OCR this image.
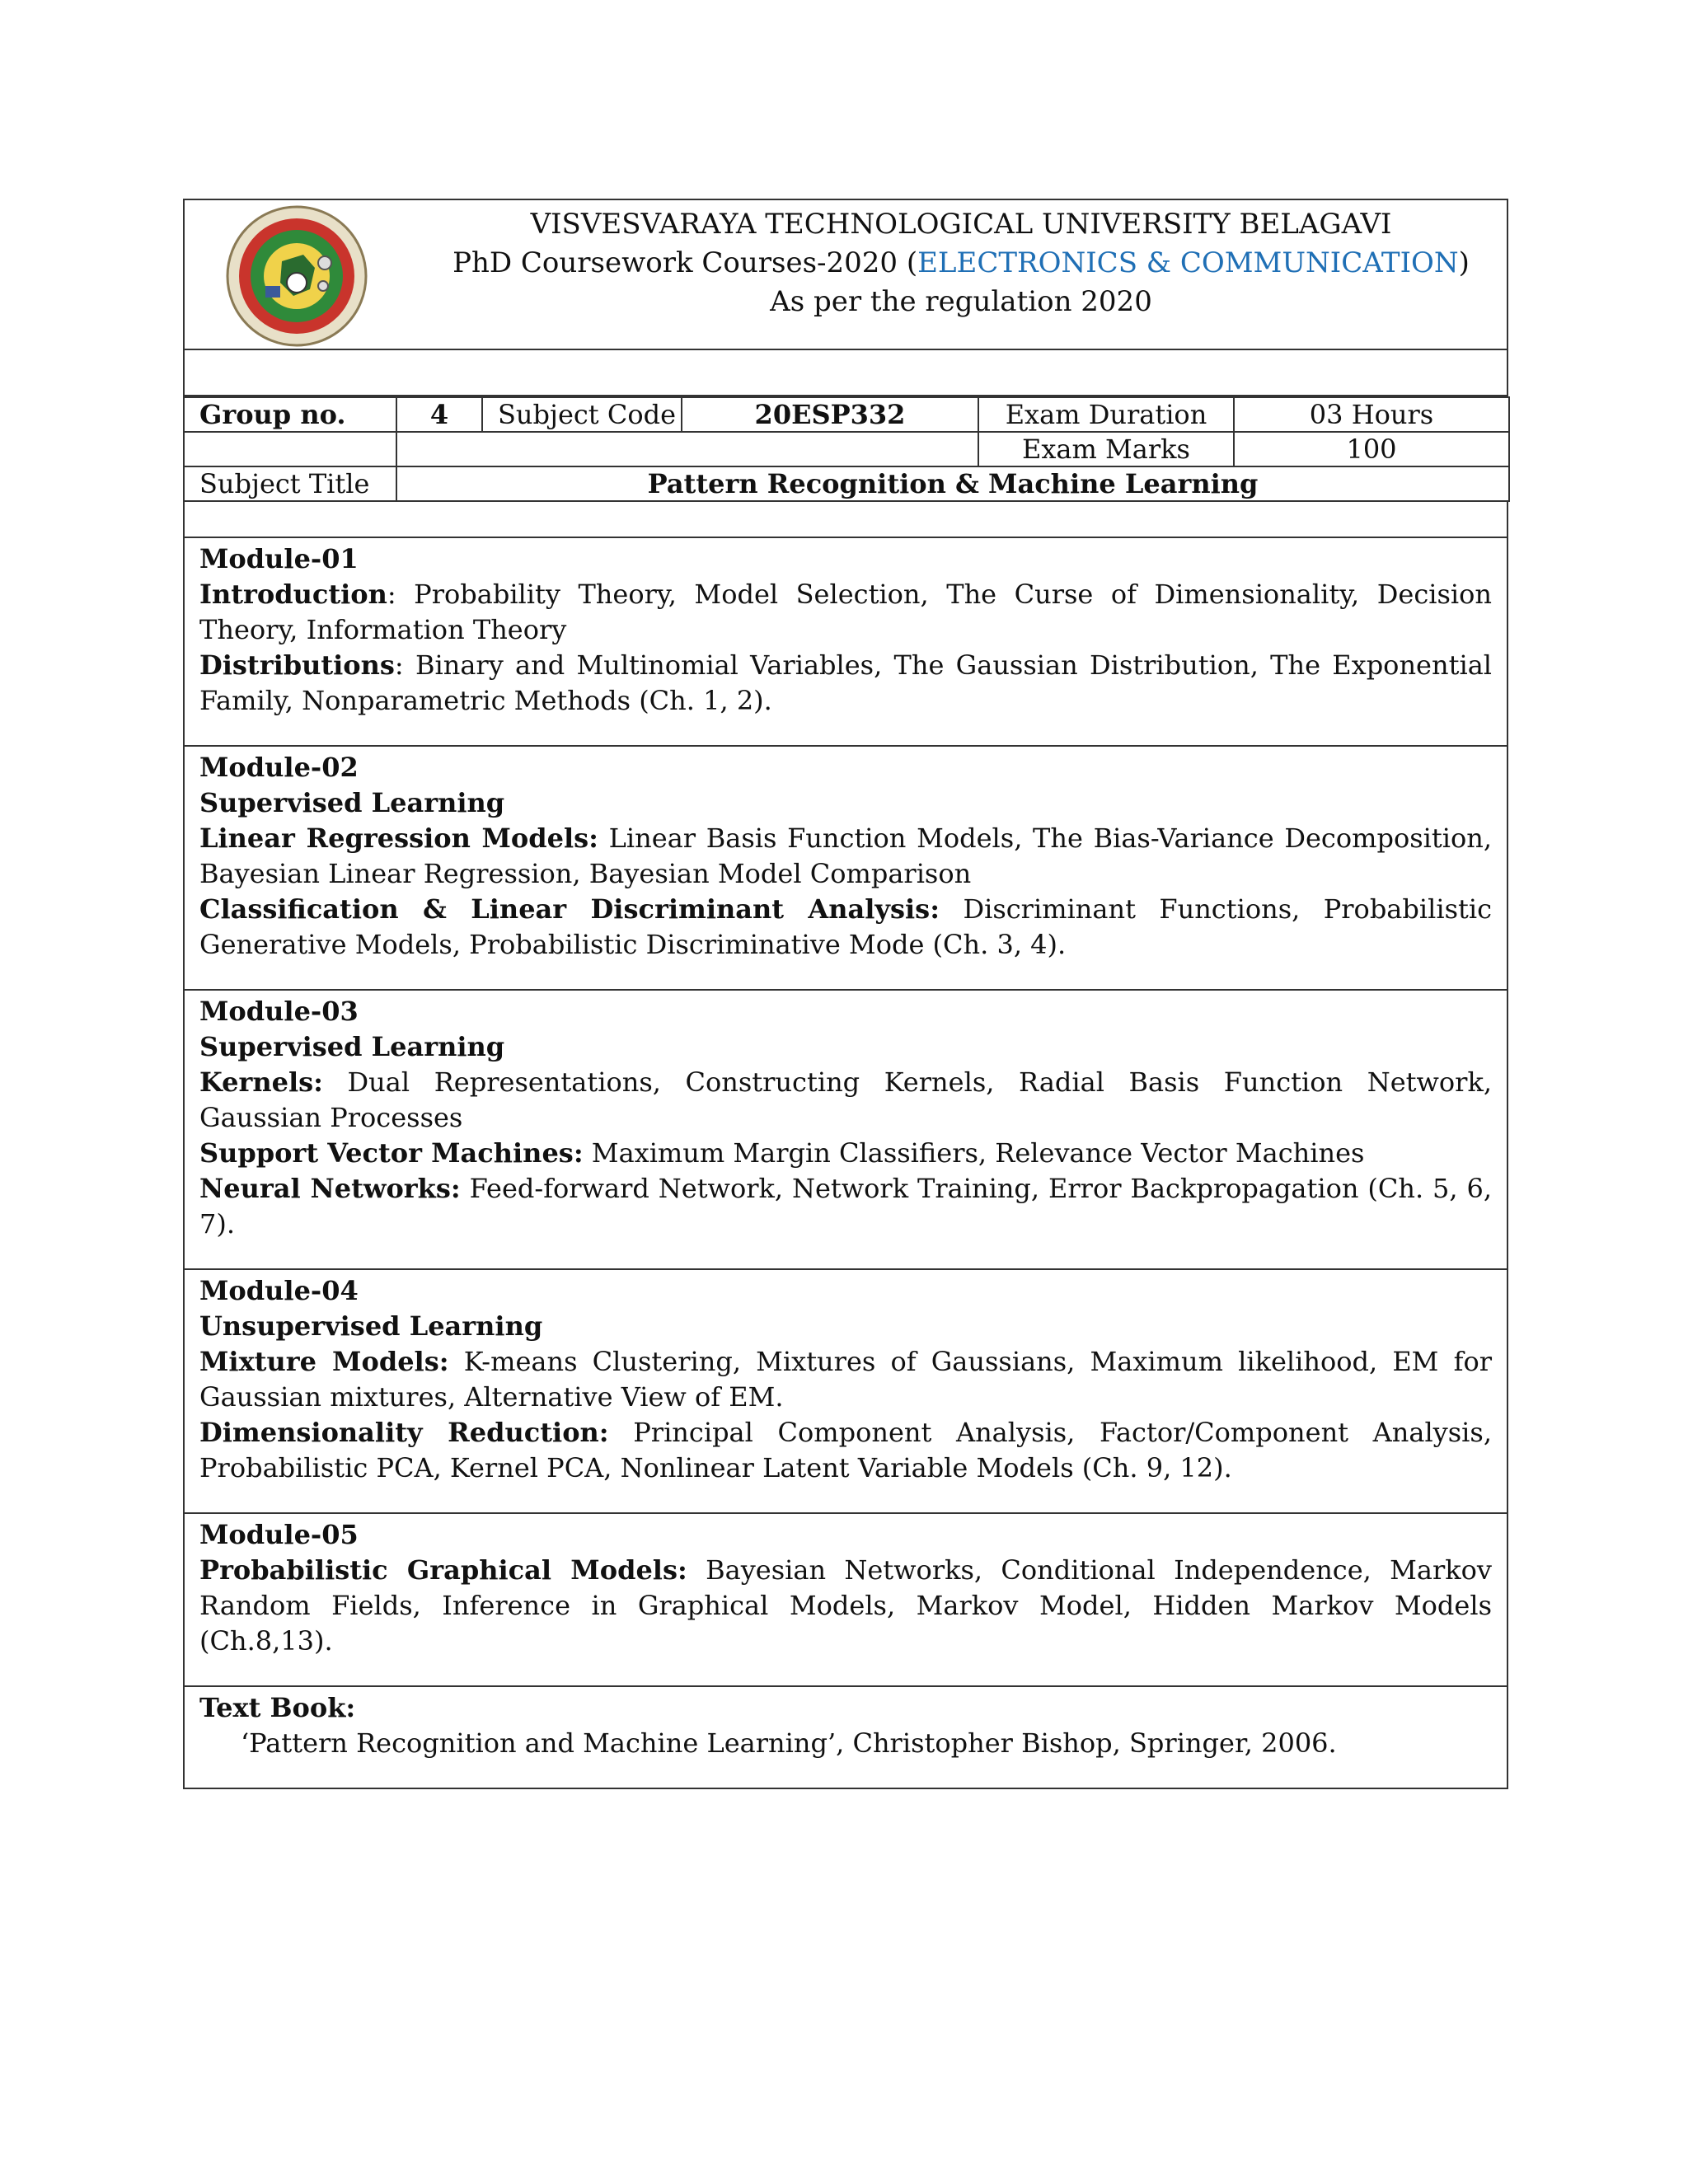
VISVESVARAYA TECHNOLOGICAL UNIVERSITY BELAGAVI
PhD Coursework Courses-2020 (ELECTRONICS & COMMUNICATION)
As per the regulation 2020
Group no.	4	Subject Code	20ESP332	Exam Duration	03 Hours
				Exam Marks	100
Subject Title	Pattern Recognition & Machine Learning				

Module-01

Introduction: Probability Theory, Model Selection, The Curse of Dimensionality, Decision Theory, Information Theory

Distributions: Binary and Multinomial Variables, The Gaussian Distribution, The Exponential Family, Nonparametric Methods (Ch. 1, 2).

Module-02

Supervised Learning

Linear Regression Models: Linear Basis Function Models, The Bias-Variance Decomposition, Bayesian Linear Regression, Bayesian Model Comparison

Classification & Linear Discriminant Analysis: Discriminant Functions, Probabilistic Generative Models, Probabilistic Discriminative Mode (Ch. 3, 4).

Module-03

Supervised Learning

Kernels: Dual Representations, Constructing Kernels, Radial Basis Function Network, Gaussian Processes

Support Vector Machines: Maximum Margin Classifiers, Relevance Vector Machines

Neural Networks: Feed-forward Network, Network Training, Error Backpropagation (Ch. 5, 6, 7).

Module-04

Unsupervised Learning

Mixture Models: K-means Clustering, Mixtures of Gaussians, Maximum likelihood, EM for Gaussian mixtures, Alternative View of EM.

Dimensionality Reduction: Principal Component Analysis, Factor/Component Analysis, Probabilistic PCA, Kernel PCA, Nonlinear Latent Variable Models (Ch. 9, 12).

Module-05

Probabilistic Graphical Models: Bayesian Networks, Conditional Independence, Markov Random Fields, Inference in Graphical Models, Markov Model, Hidden Markov Models (Ch.8,13).

Text Book:

‘Pattern Recognition and Machine Learning’, Christopher Bishop, Springer, 2006.
